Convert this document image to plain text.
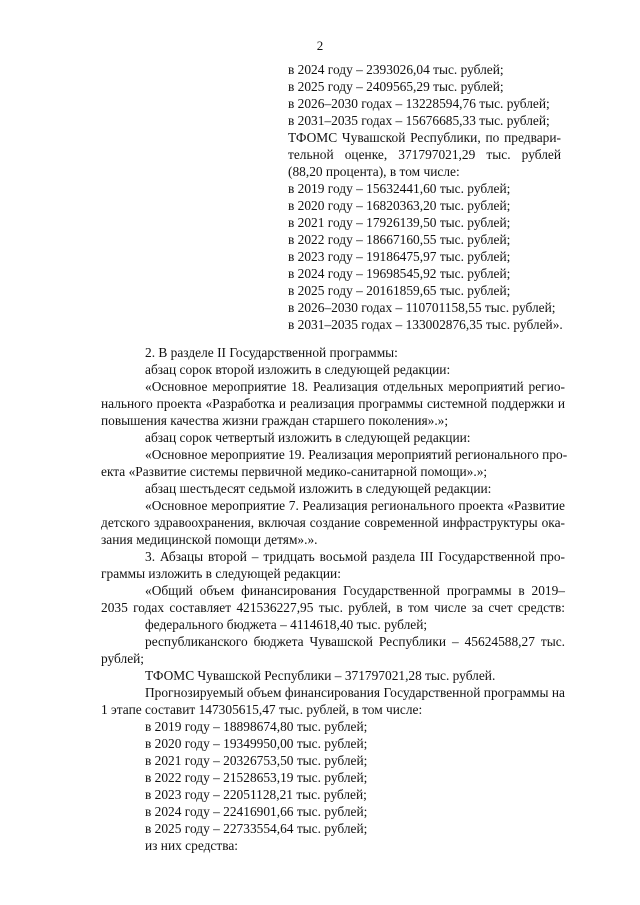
2
в 2024 году – 2393026,04 тыс. рублей;
в 2025 году – 2409565,29 тыс. рублей;
в 2026–2030 годах – 13228594,76 тыс. рублей;
в 2031–2035 годах – 15676685,33 тыс. рублей;
ТФОМС Чувашской Республики, по предвари-
тельной оценке, 371797021,29 тыс. рублей
(88,20 процента), в том числе:
в 2019 году – 15632441,60 тыс. рублей;
в 2020 году – 16820363,20 тыс. рублей;
в 2021 году – 17926139,50 тыс. рублей;
в 2022 году – 18667160,55 тыс. рублей;
в 2023 году – 19186475,97 тыс. рублей;
в 2024 году – 19698545,92 тыс. рублей;
в 2025 году – 20161859,65 тыс. рублей;
в 2026–2030 годах – 110701158,55 тыс. рублей;
в 2031–2035 годах – 133002876,35 тыс. рублей».
2. В разделе II Государственной программы:
абзац сорок второй изложить в следующей редакции:
«Основное мероприятие 18. Реализация отдельных мероприятий регио-
нального проекта «Разработка и реализация программы системной поддержки и
повышения качества жизни граждан старшего поколения».»;
абзац сорок четвертый изложить в следующей редакции:
«Основное мероприятие 19. Реализация мероприятий регионального про-
екта «Развитие системы первичной медико-санитарной помощи».»;
абзац шестьдесят седьмой изложить в следующей редакции:
«Основное мероприятие 7. Реализация регионального проекта «Развитие
детского здравоохранения, включая создание современной инфраструктуры ока-
зания медицинской помощи детям».».
3. Абзацы второй – тридцать восьмой раздела III Государственной про-
граммы изложить в следующей редакции:
«Общий объем финансирования Государственной программы в 2019–
2035 годах составляет 421536227,95 тыс. рублей, в том числе за счет средств:
федерального бюджета – 4114618,40 тыс. рублей;
республиканского бюджета Чувашской Республики – 45624588,27 тыс.
рублей;
ТФОМС Чувашской Республики – 371797021,28 тыс. рублей.
Прогнозируемый объем финансирования Государственной программы на
1 этапе составит 147305615,47 тыс. рублей, в том числе:
в 2019 году – 18898674,80 тыс. рублей;
в 2020 году – 19349950,00 тыс. рублей;
в 2021 году – 20326753,50 тыс. рублей;
в 2022 году – 21528653,19 тыс. рублей;
в 2023 году – 22051128,21 тыс. рублей;
в 2024 году – 22416901,66 тыс. рублей;
в 2025 году – 22733554,64 тыс. рублей;
из них средства:
